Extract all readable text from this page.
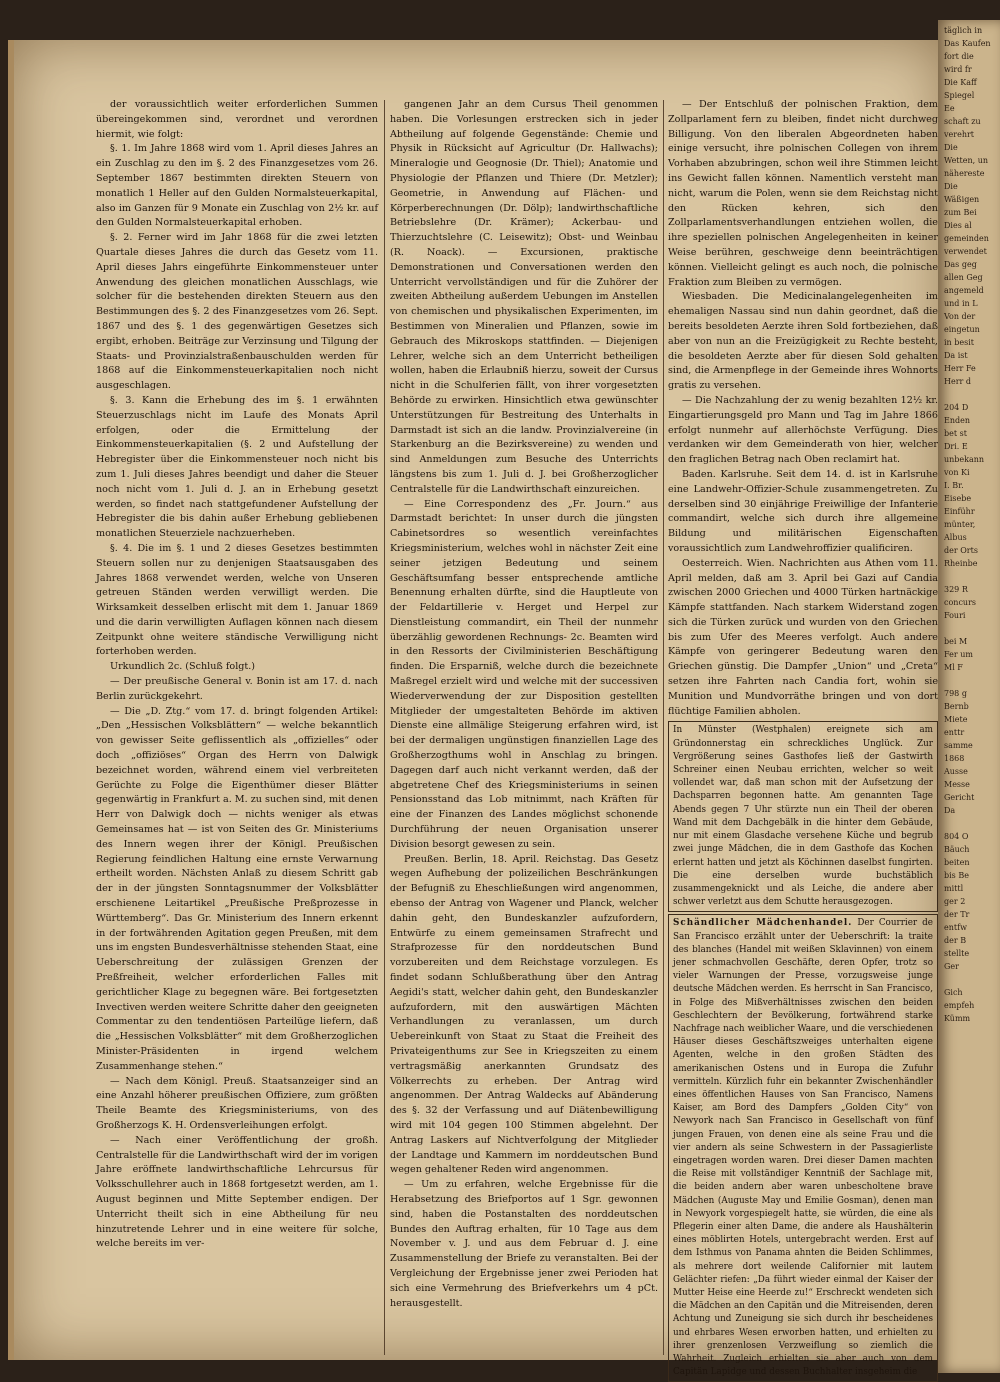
der voraussichtlich weiter erforderlichen Summen übereingekommen sind, verordnet und verordnen hiermit, wie folgt:

§. 1. Im Jahre 1868 wird vom 1. April dieses Jahres an ein Zuschlag zu den im §. 2 des Finanzgesetzes vom 26. September 1867 bestimmten direkten Steuern von monatlich 1 Heller auf den Gulden Normalsteuerkapital, also im Ganzen für 9 Monate ein Zuschlag von 2½ kr. auf den Gulden Normalsteuerkapital erhoben.

§. 2. Ferner wird im Jahr 1868 für die zwei letzten Quartale dieses Jahres die durch das Gesetz vom 11. April dieses Jahrs eingeführte Einkommensteuer unter Anwendung des gleichen monatlichen Ausschlags, wie solcher für die bestehenden direkten Steuern aus den Bestimmungen des §. 2 des Finanzgesetzes vom 26. Sept. 1867 und des §. 1 des gegenwärtigen Gesetzes sich ergibt, erhoben. Beiträge zur Verzinsung und Tilgung der Staats- und Provinzialstraßenbauschulden werden für 1868 auf die Einkommensteuerkapitalien noch nicht ausgeschlagen.

§. 3. Kann die Erhebung des im §. 1 erwähnten Steuerzuschlags nicht im Laufe des Monats April erfolgen, oder die Ermittelung der Einkommensteuerkapitalien (§. 2 und Aufstellung der Hebregister über die Einkommensteuer noch nicht bis zum 1. Juli dieses Jahres beendigt und daher die Steuer noch nicht vom 1. Juli d. J. an in Erhebung gesetzt werden, so findet nach stattgefundener Aufstellung der Hebregister die bis dahin außer Erhebung gebliebenen monatlichen Steuerziele nachzuerheben.

§. 4. Die im §. 1 und 2 dieses Gesetzes bestimmten Steuern sollen nur zu denjenigen Staatsausgaben des Jahres 1868 verwendet werden, welche von Unseren getreuen Ständen werden verwilligt werden. Die Wirksamkeit desselben erlischt mit dem 1. Januar 1869 und die darin verwilligten Auflagen können nach diesem Zeitpunkt ohne weitere ständische Verwilligung nicht forterhoben werden.

Urkundlich 2c. (Schluß folgt.)

— Der preußische General v. Bonin ist am 17. d. nach Berlin zurückgekehrt.

— Die „D. Ztg.“ vom 17. d. bringt folgenden Artikel: „Den „Hessischen Volksblättern“ — welche bekanntlich von gewisser Seite geflissentlich als „offizielles“ oder doch „offiziöses“ Organ des Herrn von Dalwigk bezeichnet worden, während einem viel verbreiteten Gerüchte zu Folge die Eigenthümer dieser Blätter gegenwärtig in Frankfurt a. M. zu suchen sind, mit denen Herr von Dalwigk doch — nichts weniger als etwas Gemeinsames hat — ist von Seiten des Gr. Ministeriums des Innern wegen ihrer der Königl. Preußischen Regierung feindlichen Haltung eine ernste Verwarnung ertheilt worden. Nächsten Anlaß zu diesem Schritt gab der in der jüngsten Sonntagsnummer der Volksblätter erschienene Leitartikel „Preußische Preßprozesse in Württemberg“. Das Gr. Ministerium des Innern erkennt in der fortwährenden Agitation gegen Preußen, mit dem uns im engsten Bundesverhältnisse stehenden Staat, eine Ueberschreitung der zulässigen Grenzen der Preßfreiheit, welcher erforderlichen Falles mit gerichtlicher Klage zu begegnen wäre. Bei fortgesetzten Invectiven werden weitere Schritte daher den geeigneten Commentar zu den tendentiösen Parteilüge liefern, daß die „Hessischen Volksblätter“ mit dem Großherzoglichen Minister-Präsidenten in irgend welchem Zusammenhange stehen.“

— Nach dem Königl. Preuß. Staatsanzeiger sind an eine Anzahl höherer preußischen Offiziere, zum größten Theile Beamte des Kriegsministeriums, von des Großherzogs K. H. Ordensverleihungen erfolgt.

— Nach einer Veröffentlichung der großh. Centralstelle für die Landwirthschaft wird der im vorigen Jahre eröffnete landwirthschaftliche Lehrcursus für Volksschullehrer auch in 1868 fortgesetzt werden, am 1. August beginnen und Mitte September endigen. Der Unterricht theilt sich in eine Abtheilung für neu hinzutretende Lehrer und in eine weitere für solche, welche bereits im ver-

gangenen Jahr an dem Cursus Theil genommen haben. Die Vorlesungen erstrecken sich in jeder Abtheilung auf folgende Gegenstände: Chemie und Physik in Rücksicht auf Agricultur (Dr. Hallwachs); Mineralogie und Geognosie (Dr. Thiel); Anatomie und Physiologie der Pflanzen und Thiere (Dr. Metzler); Geometrie, in Anwendung auf Flächen- und Körperberechnungen (Dr. Dölp); landwirthschaftliche Betriebslehre (Dr. Krämer); Ackerbau- und Thierzuchtslehre (C. Leisewitz); Obst- und Weinbau (R. Noack). — Excursionen, praktische Demonstrationen und Conversationen werden den Unterricht vervollständigen und für die Zuhörer der zweiten Abtheilung außerdem Uebungen im Anstellen von chemischen und physikalischen Experimenten, im Bestimmen von Mineralien und Pflanzen, sowie im Gebrauch des Mikroskops stattfinden. — Diejenigen Lehrer, welche sich an dem Unterricht betheiligen wollen, haben die Erlaubniß hierzu, soweit der Cursus nicht in die Schulferien fällt, von ihrer vorgesetzten Behörde zu erwirken. Hinsichtlich etwa gewünschter Unterstützungen für Bestreitung des Unterhalts in Darmstadt ist sich an die landw. Provinzialvereine (in Starkenburg an die Bezirksvereine) zu wenden und sind Anmeldungen zum Besuche des Unterrichts längstens bis zum 1. Juli d. J. bei Großherzoglicher Centralstelle für die Landwirthschaft einzureichen.

— Eine Correspondenz des „Fr. Journ.“ aus Darmstadt berichtet: In unser durch die jüngsten Cabinetsordres so wesentlich vereinfachtes Kriegsministerium, welches wohl in nächster Zeit eine seiner jetzigen Bedeutung und seinem Geschäftsumfang besser entsprechende amtliche Benennung erhalten dürfte, sind die Hauptleute von der Feldartillerie v. Herget und Herpel zur Dienstleistung commandirt, ein Theil der nunmehr überzählig gewordenen Rechnungs- 2c. Beamten wird in den Ressorts der Civilministerien Beschäftigung finden. Die Ersparniß, welche durch die bezeichnete Maßregel erzielt wird und welche mit der successiven Wiederverwendung der zur Disposition gestellten Mitglieder der umgestalteten Behörde im aktiven Dienste eine allmälige Steigerung erfahren wird, ist bei der dermaligen ungünstigen finanziellen Lage des Großherzogthums wohl in Anschlag zu bringen. Dagegen darf auch nicht verkannt werden, daß der abgetretene Chef des Kriegsministeriums in seinen Pensionsstand das Lob mitnimmt, nach Kräften für eine der Finanzen des Landes möglichst schonende Durchführung der neuen Organisation unserer Division besorgt gewesen zu sein.

Preußen. Berlin, 18. April. Reichstag. Das Gesetz wegen Aufhebung der polizeilichen Beschränkungen der Befugniß zu Eheschließungen wird angenommen, ebenso der Antrag von Wagener und Planck, welcher dahin geht, den Bundeskanzler aufzufordern, Entwürfe zu einem gemeinsamen Strafrecht und Strafprozesse für den norddeutschen Bund vorzubereiten und dem Reichstage vorzulegen. Es findet sodann Schlußberathung über den Antrag Aegidi's statt, welcher dahin geht, den Bundeskanzler aufzufordern, mit den auswärtigen Mächten Verhandlungen zu veranlassen, um durch Uebereinkunft von Staat zu Staat die Freiheit des Privateigenthums zur See in Kriegszeiten zu einem vertragsmäßig anerkannten Grundsatz des Völkerrechts zu erheben. Der Antrag wird angenommen. Der Antrag Waldecks auf Abänderung des §. 32 der Verfassung und auf Diätenbewilligung wird mit 104 gegen 100 Stimmen abgelehnt. Der Antrag Laskers auf Nichtverfolgung der Mitglieder der Landtage und Kammern im norddeutschen Bund wegen gehaltener Reden wird angenommen.

— Um zu erfahren, welche Ergebnisse für die Herabsetzung des Briefportos auf 1 Sgr. gewonnen sind, haben die Postanstalten des norddeutschen Bundes den Auftrag erhalten, für 10 Tage aus dem November v. J. und aus dem Februar d. J. eine Zusammenstellung der Briefe zu veranstalten. Bei der Vergleichung der Ergebnisse jener zwei Perioden hat sich eine Vermehrung des Briefverkehrs um 4 pCt. herausgestellt.

— Der Entschluß der polnischen Fraktion, dem Zollparlament fern zu bleiben, findet nicht durchweg Billigung. Von den liberalen Abgeordneten haben einige versucht, ihre polnischen Collegen von ihrem Vorhaben abzubringen, schon weil ihre Stimmen leicht ins Gewicht fallen können. Namentlich versteht man nicht, warum die Polen, wenn sie dem Reichstag nicht den Rücken kehren, sich den Zollparlamentsverhandlungen entziehen wollen, die ihre speziellen polnischen Angelegenheiten in keiner Weise berühren, geschweige denn beeinträchtigen können. Vielleicht gelingt es auch noch, die polnische Fraktion zum Bleiben zu vermögen.

Wiesbaden. Die Medicinalangelegenheiten im ehemaligen Nassau sind nun dahin geordnet, daß die bereits besoldeten Aerzte ihren Sold fortbeziehen, daß aber von nun an die Freizügigkeit zu Rechte besteht, die besoldeten Aerzte aber für diesen Sold gehalten sind, die Armenpflege in der Gemeinde ihres Wohnorts gratis zu versehen.

— Die Nachzahlung der zu wenig bezahlten 12½ kr. Eingartierungsgeld pro Mann und Tag im Jahre 1866 erfolgt nunmehr auf allerhöchste Verfügung. Dies verdanken wir dem Gemeinderath von hier, welcher den fraglichen Betrag nach Oben reclamirt hat.

Baden. Karlsruhe. Seit dem 14. d. ist in Karlsruhe eine Landwehr-Offizier-Schule zusammengetreten. Zu derselben sind 30 einjährige Freiwillige der Infanterie commandirt, welche sich durch ihre allgemeine Bildung und militärischen Eigenschaften voraussichtlich zum Landwehroffizier qualificiren.

Oesterreich. Wien. Nachrichten aus Athen vom 11. April melden, daß am 3. April bei Gazi auf Candia zwischen 2000 Griechen und 4000 Türken hartnäckige Kämpfe stattfanden. Nach starkem Widerstand zogen sich die Türken zurück und wurden von den Griechen bis zum Ufer des Meeres verfolgt. Auch andere Kämpfe von geringerer Bedeutung waren den Griechen günstig. Die Dampfer „Union“ und „Creta“ setzen ihre Fahrten nach Candia fort, wohin sie Munition und Mundvorräthe bringen und von dort flüchtige Familien abholen.

In Münster (Westphalen) ereignete sich am Gründonnerstag ein schreckliches Unglück. Zur Vergrößerung seines Gasthofes ließ der Gastwirth Schreiner einen Neubau errichten, welcher so weit vollendet war, daß man schon mit der Aufsetzung der Dachsparren begonnen hatte. Am genannten Tage Abends gegen 7 Uhr stürzte nun ein Theil der oberen Wand mit dem Dachgebälk in die hinter dem Gebäude, nur mit einem Glasdache versehene Küche und begrub zwei junge Mädchen, die in dem Gasthofe das Kochen erlernt hatten und jetzt als Köchinnen daselbst fungirten. Die eine derselben wurde buchstäblich zusammengeknickt und als Leiche, die andere aber schwer verletzt aus dem Schutte herausgezogen.
Schändlicher Mädchenhandel. Der Courrier de San Francisco erzählt unter der Ueberschrift: la traite des blanches (Handel mit weißen Sklavinnen) von einem jener schmachvollen Geschäfte, deren Opfer, trotz so vieler Warnungen der Presse, vorzugsweise junge deutsche Mädchen werden. Es herrscht in San Francisco, in Folge des Mißverhältnisses zwischen den beiden Geschlechtern der Bevölkerung, fortwährend starke Nachfrage nach weiblicher Waare, und die verschiedenen Häuser dieses Geschäftszweiges unterhalten eigene Agenten, welche in den großen Städten des amerikanischen Ostens und in Europa die Zufuhr vermitteln. Kürzlich fuhr ein bekannter Zwischenhändler eines öffentlichen Hauses von San Francisco, Namens Kaiser, am Bord des Dampfers „Golden City“ von Newyork nach San Francisco in Gesellschaft von fünf jungen Frauen, von denen eine als seine Frau und die vier andern als seine Schwestern in der Passagierliste eingetragen worden waren. Drei dieser Damen machten die Reise mit vollständiger Kenntniß der Sachlage mit, die beiden andern aber waren unbescholtene brave Mädchen (Auguste May und Emilie Gosman), denen man in Newyork vorgespiegelt hatte, sie würden, die eine als Pflegerin einer alten Dame, die andere als Haushälterin eines möblirten Hotels, untergebracht werden. Erst auf dem Isthmus von Panama ahnten die Beiden Schlimmes, als mehrere dort weilende Californier mit lautem Gelächter riefen: „Da führt wieder einmal der Kaiser der Mutter Heise eine Heerde zu!“ Erschreckt wendeten sich die Mädchen an den Capitän und die Mitreisenden, deren Achtung und Zuneigung sie sich durch ihr bescheidenes und ehrbares Wesen erworben hatten, und erhielten zu ihrer grenzenlosen Verzweiflung so ziemlich die Wahrheit. Zugleich erhielten sie aber auch von dem Capitän Lapidge und dessen Buchhalter insgeheim die
täglich in
Das Kaufen
fort die
wird fr
Die Kaff
Spiegel
Ee
schaft zu
verehrt
Die
Wetten, un
nähereste
Die
Wäßigen
zum Bei
Dies al
gemeinden
verwendet
Das geg
allen Geg
angemeld
und in L
Von der
eingetun
in besit
Da ist
Herr Fe
Herr d

204 D
Enden
bet st
Dri. E
unbekann
von Ki
I. Br.
Eisebe
Einführ
münter,
Albus
der Orts
Rheinbe

329 R
concurs
Fouri

bei M
Fer um
Ml F

798 g
Bernb
Miete
enttr
samme
1868
Ausse
Messe
Gericht
Da

804 O
Bäuch
beiten
bis Be
mittl
ger 2
der Tr
entfw
der B
stellte
Ger

Gich
empfeh
Kümm
